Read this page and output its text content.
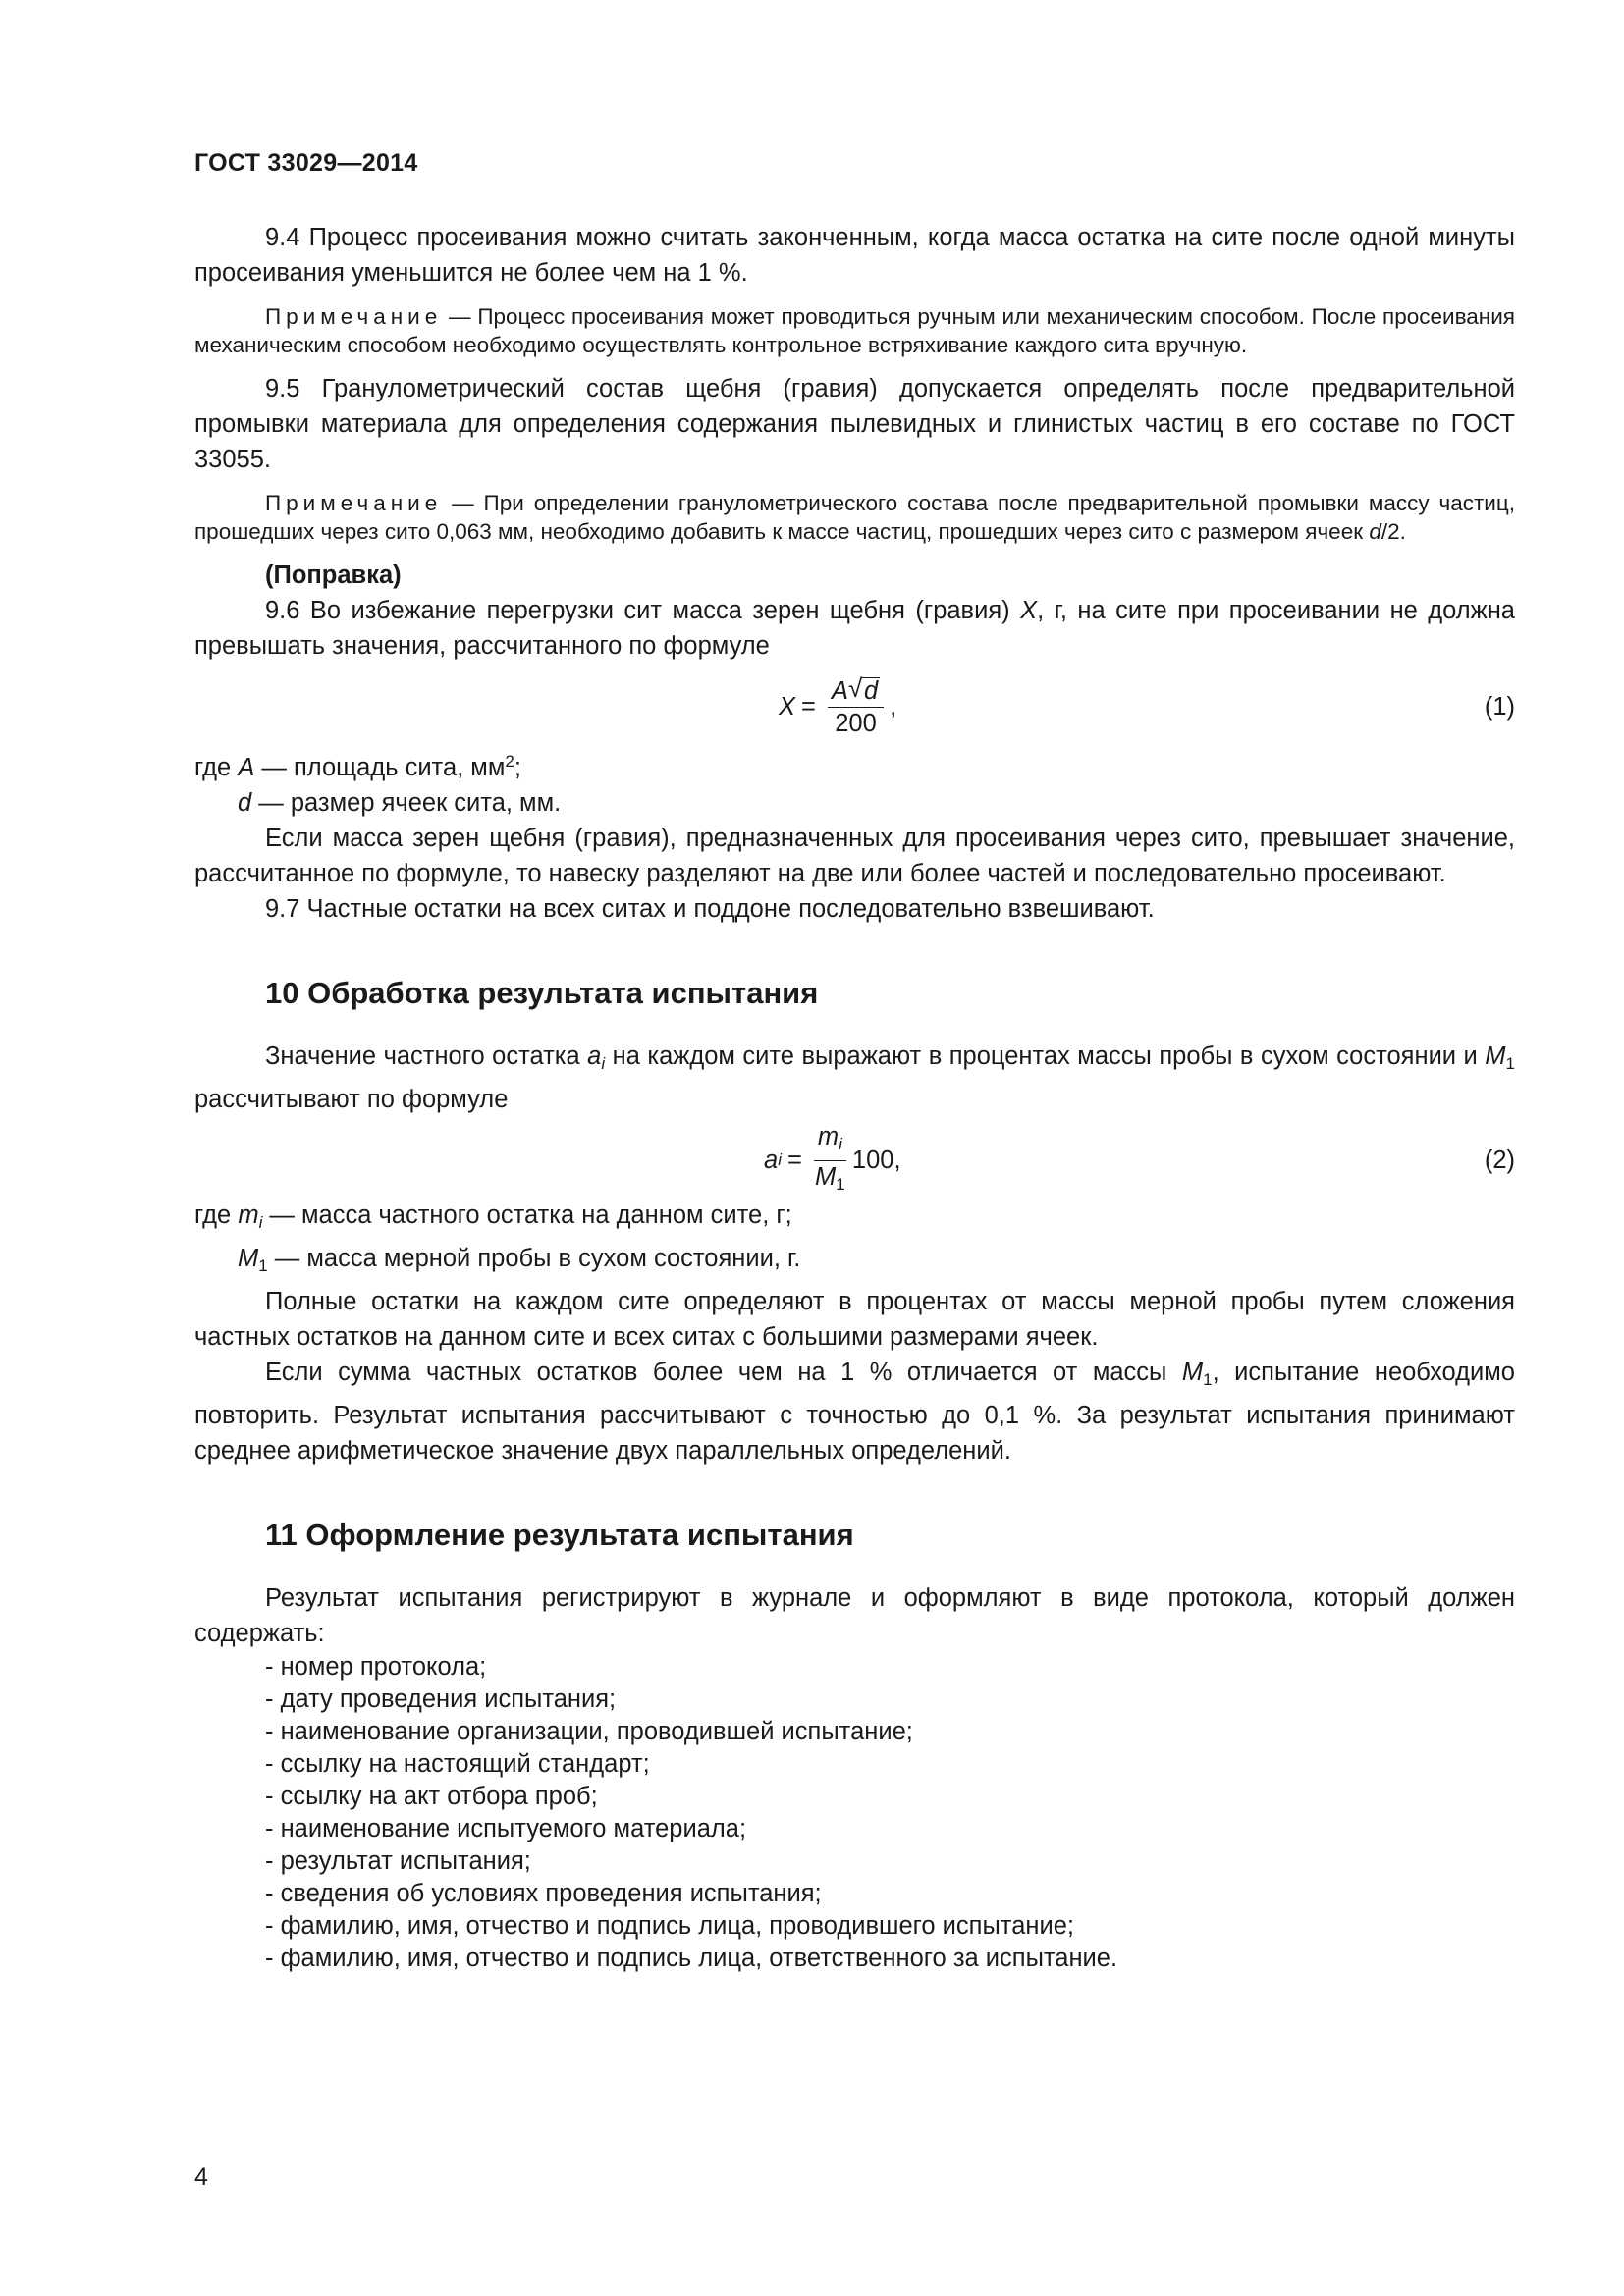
ГОСТ 33029—2014

9.4 Процесс просеивания можно считать законченным, когда масса остатка на сите после одной минуты просеивания уменьшится не более чем на 1 %.

Примечание — Процесс просеивания может проводиться ручным или механическим способом. После просеивания механическим способом необходимо осуществлять контрольное встряхивание каждого сита вручную.

9.5 Гранулометрический состав щебня (гравия) допускается определять после предварительной промывки материала для определения содержания пылевидных и глинистых частиц в его составе по ГОСТ 33055.

Примечание — При определении гранулометрического состава после предварительной промывки массу частиц, прошедших через сито 0,063 мм, необходимо добавить к массе частиц, прошедших через сито с размером ячеек d/2.

(Поправка)

9.6 Во избежание перегрузки сит масса зерен щебня (гравия) X, г, на сите при просеивании не должна превышать значения, рассчитанного по формуле

$X = \frac{A √ d}{200}$ ,	(1)

где A — площадь сита, $мм^2$;

d — размер ячеек сита, мм.

Если масса зерен щебня (гравия), предназначенных для просеивания через сито, превышает значение, рассчитанное по формуле, то навеску разделяют на две или более частей и последовательно просеивают.

9.7 Частные остатки на всех ситах и поддоне последовательно взвешивают.

10 Обработка результата испытания

Значение частного остатка $a_i$ на каждом сите выражают в процентах массы пробы в сухом состоянии и $M_1$ рассчитывают по формуле

a $i = \frac{m_i}{M_1} 100$,	(2)

где $m_i$ — масса частного остатка на данном сите, г;

$M_1$ — масса мерной пробы в сухом состоянии, г.

Полные остатки на каждом сите определяют в процентах от массы мерной пробы путем сложения частных остатков на данном сите и всех ситах с большими размерами ячеек.

Если сумма частных остатков более чем на 1 % отличается от массы $M_1$, испытание необходимо повторить. Результат испытания рассчитывают с точностью до 0,1 %. За результат испытания принимают среднее арифметическое значение двух параллельных определений.

11 Оформление результата испытания

Результат испытания регистрируют в журнале и оформляют в виде протокола, который должен содержать:

- номер протокола;
- дату проведения испытания;
- наименование организации, проводившей испытание;
- ссылку на настоящий стандарт;
- ссылку на акт отбора проб;
- наименование испытуемого материала;
- результат испытания;
- сведения об условиях проведения испытания;
- фамилию, имя, отчество и подпись лица, проводившего испытание;
- фамилию, имя, отчество и подпись лица, ответственного за испытание.
4
